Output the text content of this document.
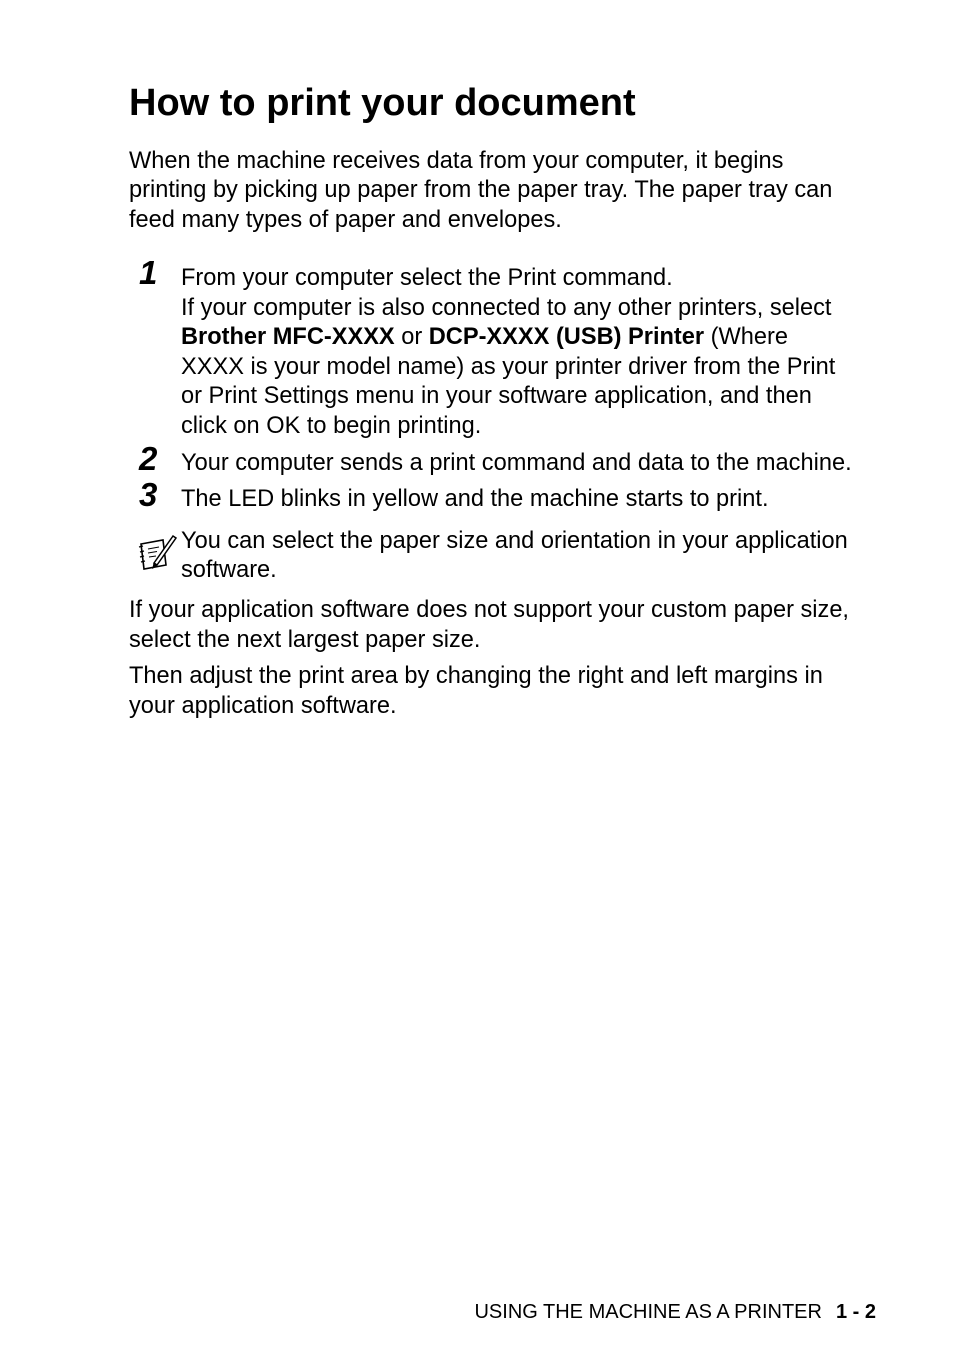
How to print your document

When the machine receives data from your computer, it begins
printing by picking up paper from the paper tray. The paper tray can
feed many types of paper and envelopes.

1 From your computer select the Print command.
If your computer is also connected to any other printers, select
Brother MFC-XXXX or DCP-XXXX (USB) Printer (Where
XXXX is your model name) as your printer driver from the Print
or Print Settings menu in your software application, and then
click on OK to begin printing.
2 Your computer sends a print command and data to the machine.
3 The LED blinks in yellow and the machine starts to print.

You can select the paper size and orientation in your application
software.

If your application software does not support your custom paper size,
select the next largest paper size.

Then adjust the print area by changing the right and left margins in
your application software.

USING THE MACHINE AS A PRINTER 1 - 2
